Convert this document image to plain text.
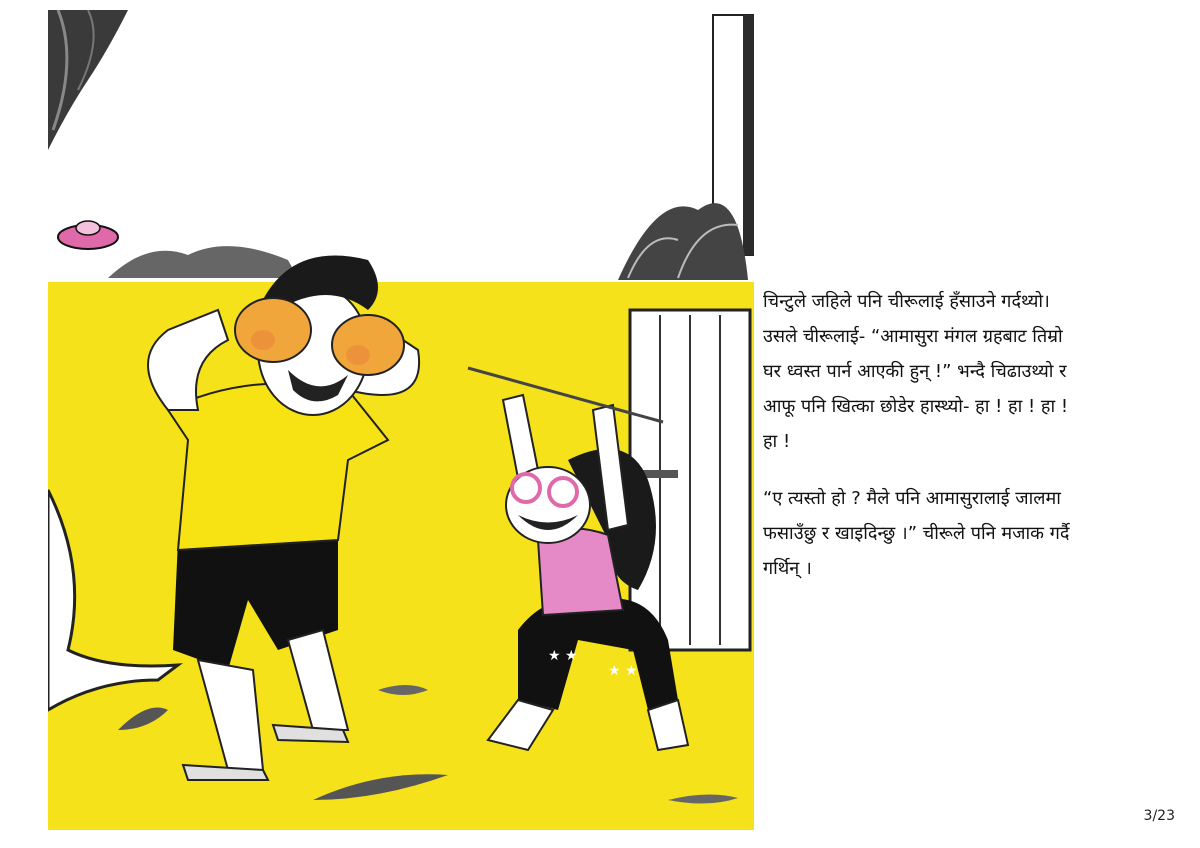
★ ★
★ ★

चिन्टुले जहिले पनि चीरूलाई हँसाउने गर्दथ्यो।
उसले चीरूलाई- “आमासुरा मंगल ग्रहबाट तिम्रो
घर ध्वस्त पार्न आएकी हुन् !” भन्दै चिढाउथ्यो र
आफू पनि खित्का छोडेर हास्थ्यो- हा ! हा ! हा !
हा !

“ए त्यस्तो हो ? मैले पनि आमासुरालाई जालमा
फसाउँछु र खाइदिन्छु ।” चीरूले पनि मजाक गर्दै
गर्थिन् ।

3/23
